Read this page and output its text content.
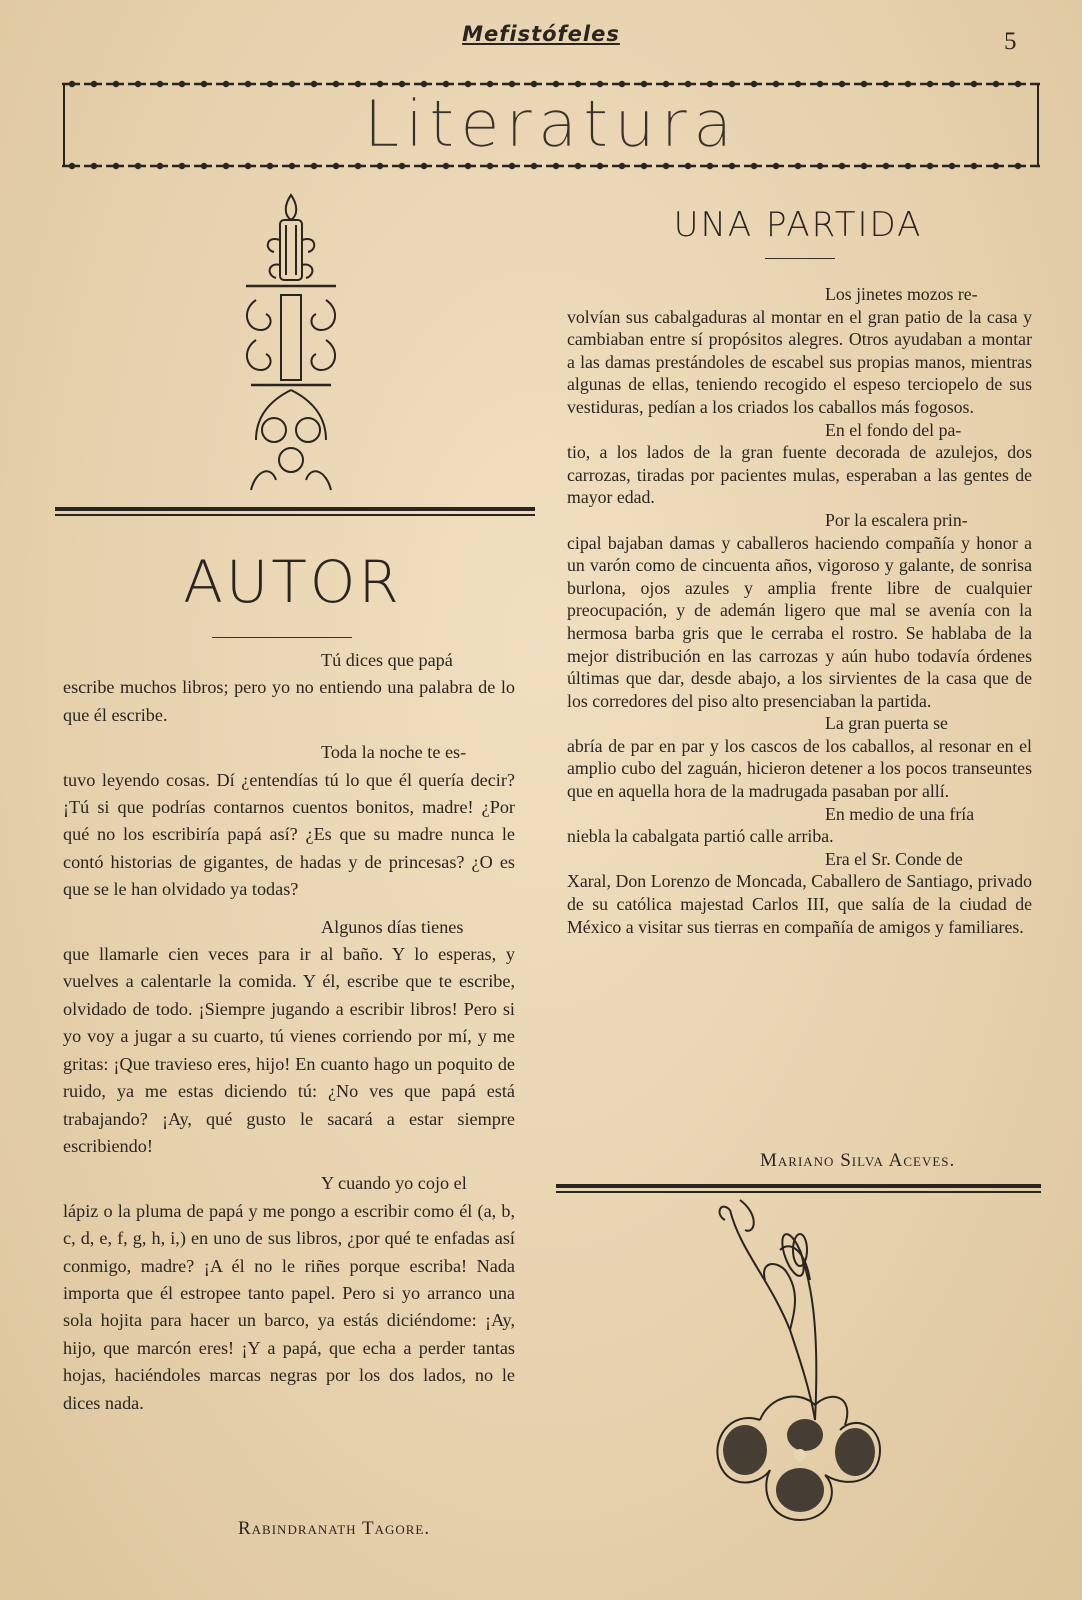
Mefistófeles	5
Literatura
AUTOR

Tú dices que papá
escribe muchos libros; pero yo no entiendo una palabra de lo que él escribe.

Toda la noche te es-
tuvo leyendo cosas. Dí ¿entendías tú lo que él quería decir? ¡Tú si que podrías contarnos cuentos bonitos, madre! ¿Por qué no los escribiría papá así? ¿Es que su madre nunca le contó historias de gigantes, de hadas y de princesas? ¿O es que se le han olvidado ya todas?

Algunos días tienes
que llamarle cien veces para ir al baño. Y lo esperas, y vuelves a calentarle la comida. Y él, escribe que te escribe, olvidado de todo. ¡Siempre jugando a escribir libros! Pero si yo voy a jugar a su cuarto, tú vienes corriendo por mí, y me gritas: ¡Que travieso eres, hijo! En cuanto hago un poquito de ruido, ya me estas diciendo tú: ¿No ves que papá está trabajando? ¡Ay, qué gusto le sacará a estar siempre escribiendo!

Y cuando yo cojo el
lápiz o la pluma de papá y me pongo a escribir como él (a, b, c, d, e, f, g, h, i,) en uno de sus libros, ¿por qué te enfadas así conmigo, madre? ¡A él no le riñes porque escriba! Nada importa que él estropee tanto papel. Pero si yo arranco una sola hojita para hacer un barco, ya estás diciéndome: ¡Ay, hijo, que marcón eres! ¡Y a papá, que echa a perder tantas hojas, haciéndoles marcas negras por los dos lados, no le dices nada.

Rabindranath Tagore.
UNA PARTIDA

Los jinetes mozos re-
volvían sus cabalgaduras al montar en el gran patio de la casa y cambiaban entre sí propósitos alegres. Otros ayudaban a montar a las damas prestándoles de escabel sus propias manos, mientras algunas de ellas, teniendo recogido el espeso terciopelo de sus vestiduras, pedían a los criados los caballos más fogosos.

En el fondo del pa-
tio, a los lados de la gran fuente decorada de azulejos, dos carrozas, tiradas por pacientes mulas, esperaban a las gentes de mayor edad.

Por la escalera prin-
cipal bajaban damas y caballeros haciendo compañía y honor a un varón como de cincuenta años, vigoroso y galante, de sonrisa burlona, ojos azules y amplia frente libre de cualquier preocupación, y de ademán ligero que mal se avenía con la hermosa barba gris que le cerraba el rostro. Se hablaba de la mejor distribución en las carrozas y aún hubo todavía órdenes últimas que dar, desde abajo, a los sirvientes de la casa que de los corredores del piso alto presenciaban la partida.

La gran puerta se
abría de par en par y los cascos de los caballos, al resonar en el amplio cubo del zaguán, hicieron detener a los pocos transeuntes que en aquella hora de la madrugada pasaban por allí.

En medio de una fría
niebla la cabalgata partió calle arriba.

Era el Sr. Conde de
Xaral, Don Lorenzo de Moncada, Caballero de Santiago, privado de su católica majestad Carlos III, que salía de la ciudad de México a visitar sus tierras en compañía de amigos y familiares.

Mariano Silva Aceves.
